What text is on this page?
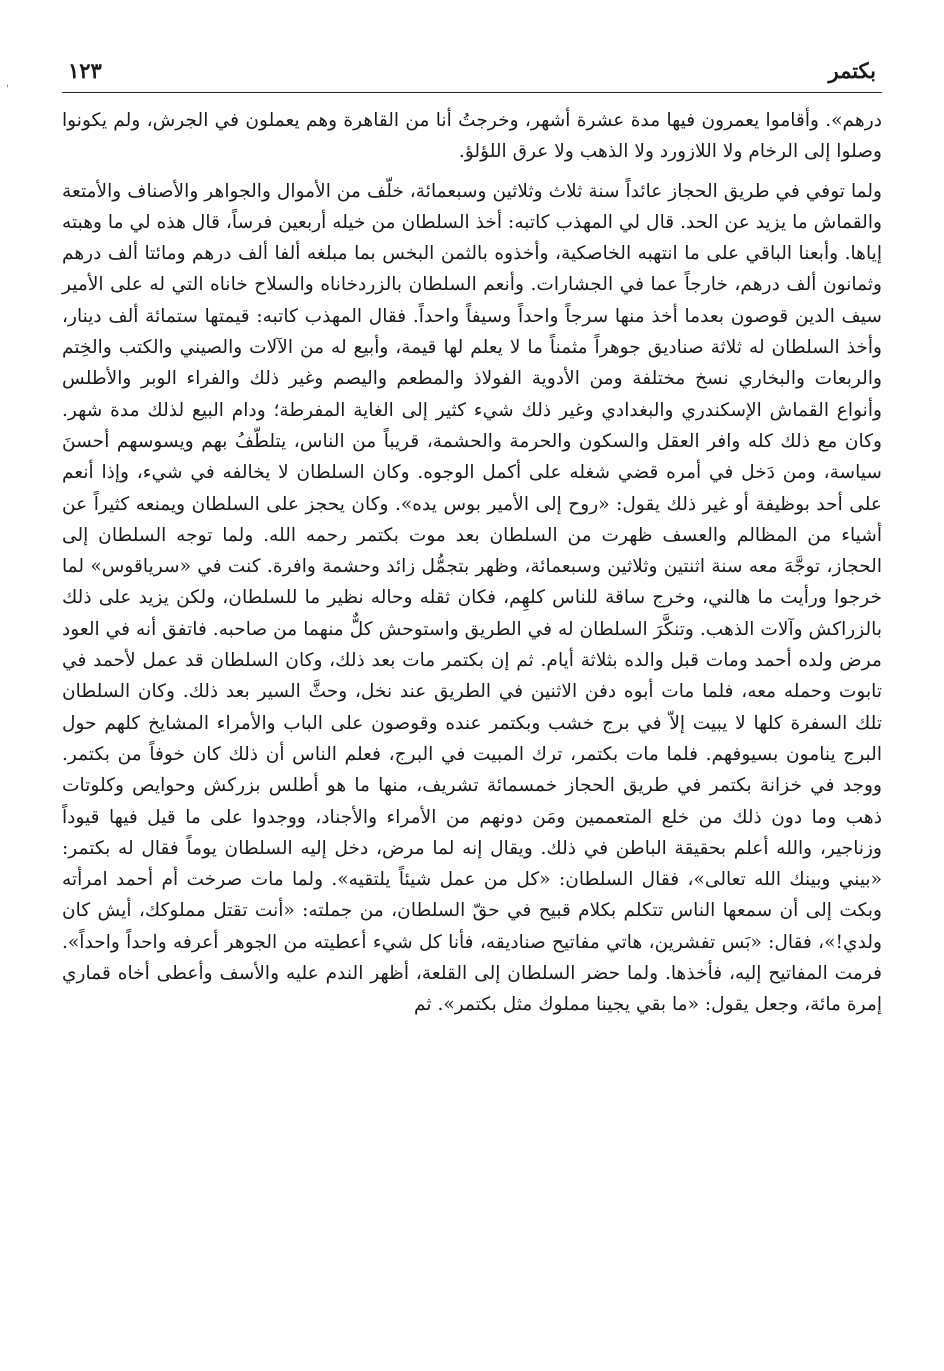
'
بكتمر
١٢٣

درهم». وأقاموا يعمرون فيها مدة عشرة أشهر، وخرجتُ أنا من القاهرة وهم يعملون في الجرش، ولم يكونوا وصلوا إلى الرخام ولا اللازورد ولا الذهب ولا عرق اللؤلؤ.

ولما توفي في طريق الحجاز عائداً سنة ثلاث وثلاثين وسبعمائة، خلّف من الأموال والجواهر والأصناف والأمتعة والقماش ما يزيد عن الحد. قال لي المهذب كاتبه: أخذ السلطان من خيله أربعين فرساً، قال هذه لي ما وهبته إياها. وأبعنا الباقي على ما انتهبه الخاصكية، وأخذوه بالثمن البخس بما مبلغه ألفا ألف درهم ومائتا ألف درهم وثمانون ألف درهم، خارجاً عما في الجشارات. وأنعم السلطان بالزردخاناه والسلاح خاناه التي له على الأمير سيف الدين قوصون بعدما أخذ منها سرجاً واحداً وسيفاً واحداً. فقال المهذب كاتبه: قيمتها ستمائة ألف دينار، وأخذ السلطان له ثلاثة صناديق جوهراً مثمناً ما لا يعلم لها قيمة، وأبيع له من الآلات والصيني والكتب والخِتم والربعات والبخاري نسخ مختلفة ومن الأدوية الفولاذ والمطعم واليصم وغير ذلك والفراء الوبر والأطلس وأنواع القماش الإسكندري والبغدادي وغير ذلك شيء كثير إلى الغاية المفرطة؛ ودام البيع لذلك مدة شهر. وكان مع ذلك كله وافر العقل والسكون والحرمة والحشمة، قريباً من الناس، يتلطّفُ بهم ويسوسهم أحسنَ سياسة، ومن دَخل في أمره قضي شغله على أكمل الوجوه. وكان السلطان لا يخالفه في شيء، وإذا أنعم على أحد بوظيفة أو غير ذلك يقول: «روح إلى الأمير بوس يده». وكان يحجز على السلطان ويمنعه كثيراً عن أشياء من المظالم والعسف ظهرت من السلطان بعد موت بكتمر رحمه الله. ولما توجه السلطان إلى الحجاز، توجَّهَ معه سنة اثنتين وثلاثين وسبعمائة، وظهر بتجمُّل زائد وحشمة وافرة. كنت في «سرياقوس» لما خرجوا ورأيت ما هالني، وخرج ساقة للناس كلهِم، فكان ثقله وحاله نظير ما للسلطان، ولكن يزيد على ذلك بالزراكش وآلات الذهب. وتنكَّرَ السلطان له في الطريق واستوحش كلٌّ منهما من صاحبه. فاتفق أنه في العود مرض ولده أحمد ومات قبل والده بثلاثة أيام. ثم إن بكتمر مات بعد ذلك، وكان السلطان قد عمل لأحمد في تابوت وحمله معه، فلما مات أبوه دفن الاثنين في الطريق عند نخل، وحثَّ السير بعد ذلك. وكان السلطان تلك السفرة كلها لا يبيت إلاّ في برج خشب وبكتمر عنده وقوصون على الباب والأمراء المشايخ كلهم حول البرج ينامون بسيوفهم. فلما مات بكتمر، ترك المبيت في البرج، فعلم الناس أن ذلك كان خوفاً من بكتمر. ووجد في خزانة بكتمر في طريق الحجاز خمسمائة تشريف، منها ما هو أطلس بزركش وحوايص وكلوتات ذهب وما دون ذلك من خلع المتعممين ومَن دونهم من الأمراء والأجناد، ووجدوا على ما قيل فيها قيوداً وزناجير، والله أعلم بحقيقة الباطن في ذلك. ويقال إنه لما مرض، دخل إليه السلطان يوماً فقال له بكتمر: «بيني وبينك الله تعالى»، فقال السلطان: «كل من عمل شيئاً يلتقيه». ولما مات صرخت أم أحمد امرأته وبكت إلى أن سمعها الناس تتكلم بكلام قبيح في حقّ السلطان، من جملته: «أنت تقتل مملوكك، أيش كان ولدي!»، فقال: «بَس تفشرين، هاتي مفاتيح صناديقه، فأنا كل شيء أعطيته من الجوهر أعرفه واحداً واحداً». فرمت المفاتيح إليه، فأخذها. ولما حضر السلطان إلى القلعة، أظهر الندم عليه والأسف وأعطى أخاه قماري إمرة مائة، وجعل يقول: «ما بقي يجينا مملوك مثل بكتمر». ثم
